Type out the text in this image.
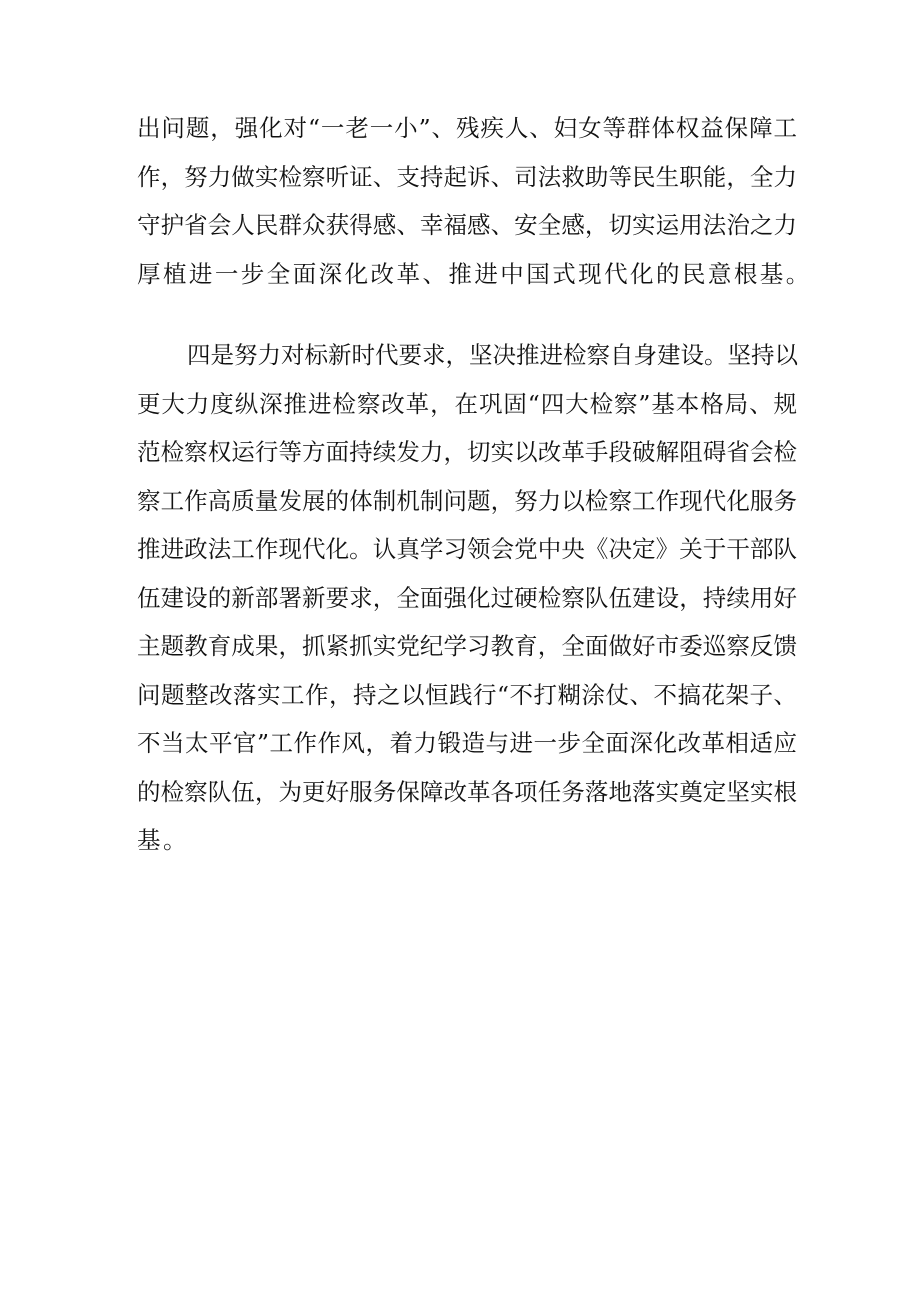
出问题，强化对“一老一小”、残疾人、妇女等群体权益保障工
作，努力做实检察听证、支持起诉、司法救助等民生职能，全力
守护省会人民群众获得感、幸福感、安全感，切实运用法治之力
厚植进一步全面深化改革、推进中国式现代化的民意根基。
四是努力对标新时代要求，坚决推进检察自身建设。坚持以
更大力度纵深推进检察改革，在巩固“四大检察”基本格局、规
范检察权运行等方面持续发力，切实以改革手段破解阻碍省会检
察工作高质量发展的体制机制问题，努力以检察工作现代化服务
推进政法工作现代化。认真学习领会党中央《决定》关于干部队
伍建设的新部署新要求，全面强化过硬检察队伍建设，持续用好
主题教育成果，抓紧抓实党纪学习教育，全面做好市委巡察反馈
问题整改落实工作，持之以恒践行“不打糊涂仗、不搞花架子、
不当太平官”工作作风，着力锻造与进一步全面深化改革相适应
的检察队伍，为更好服务保障改革各项任务落地落实奠定坚实根
基。
